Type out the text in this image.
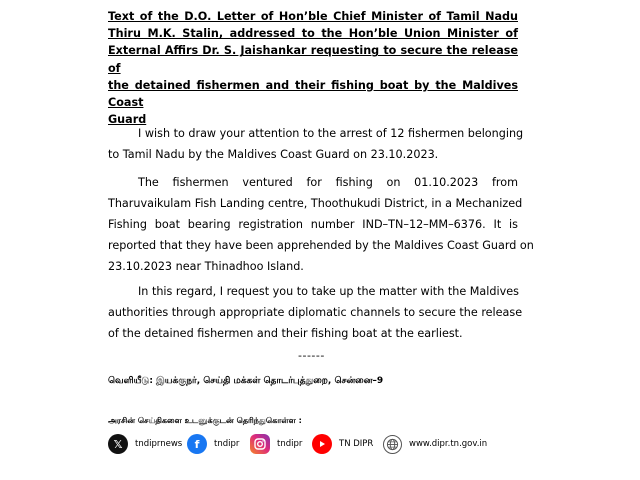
Text of the D.O. Letter of Hon’ble Chief Minister of Tamil Nadu
Thiru M.K. Stalin, addressed to the Hon’ble Union Minister of
External Affirs Dr. S. Jaishankar requesting to secure the release of
the detained fishermen and their fishing boat by the Maldives Coast
Guard
I wish to draw your attention to the arrest of 12 fishermen belonging
to Tamil Nadu by the Maldives Coast Guard on 23.10.2023.
The fishermen ventured for fishing on 01.10.2023 from
Tharuvaikulam Fish Landing centre, Thoothukudi District, in a Mechanized
Fishing boat bearing registration number IND–TN–12–MM–6376. It is
reported that they have been apprehended by the Maldives Coast Guard on
23.10.2023 near Thinadhoo Island.
In this regard, I request you to take up the matter with the Maldives
authorities through appropriate diplomatic channels to secure the release
of the detained fishermen and their fishing boat at the earliest.
------
வெளியீடு: இயக்குநர், செய்தி மக்கள் தொடர்புத்துறை, சென்னை–9
அரசின் செய்திகளை உடனுக்குடன் தெரிந்துகொள்ள :
𝕏	tndiprnews	f	tndipr	tndipr	TN DIPR	www.dipr.tn.gov.in
